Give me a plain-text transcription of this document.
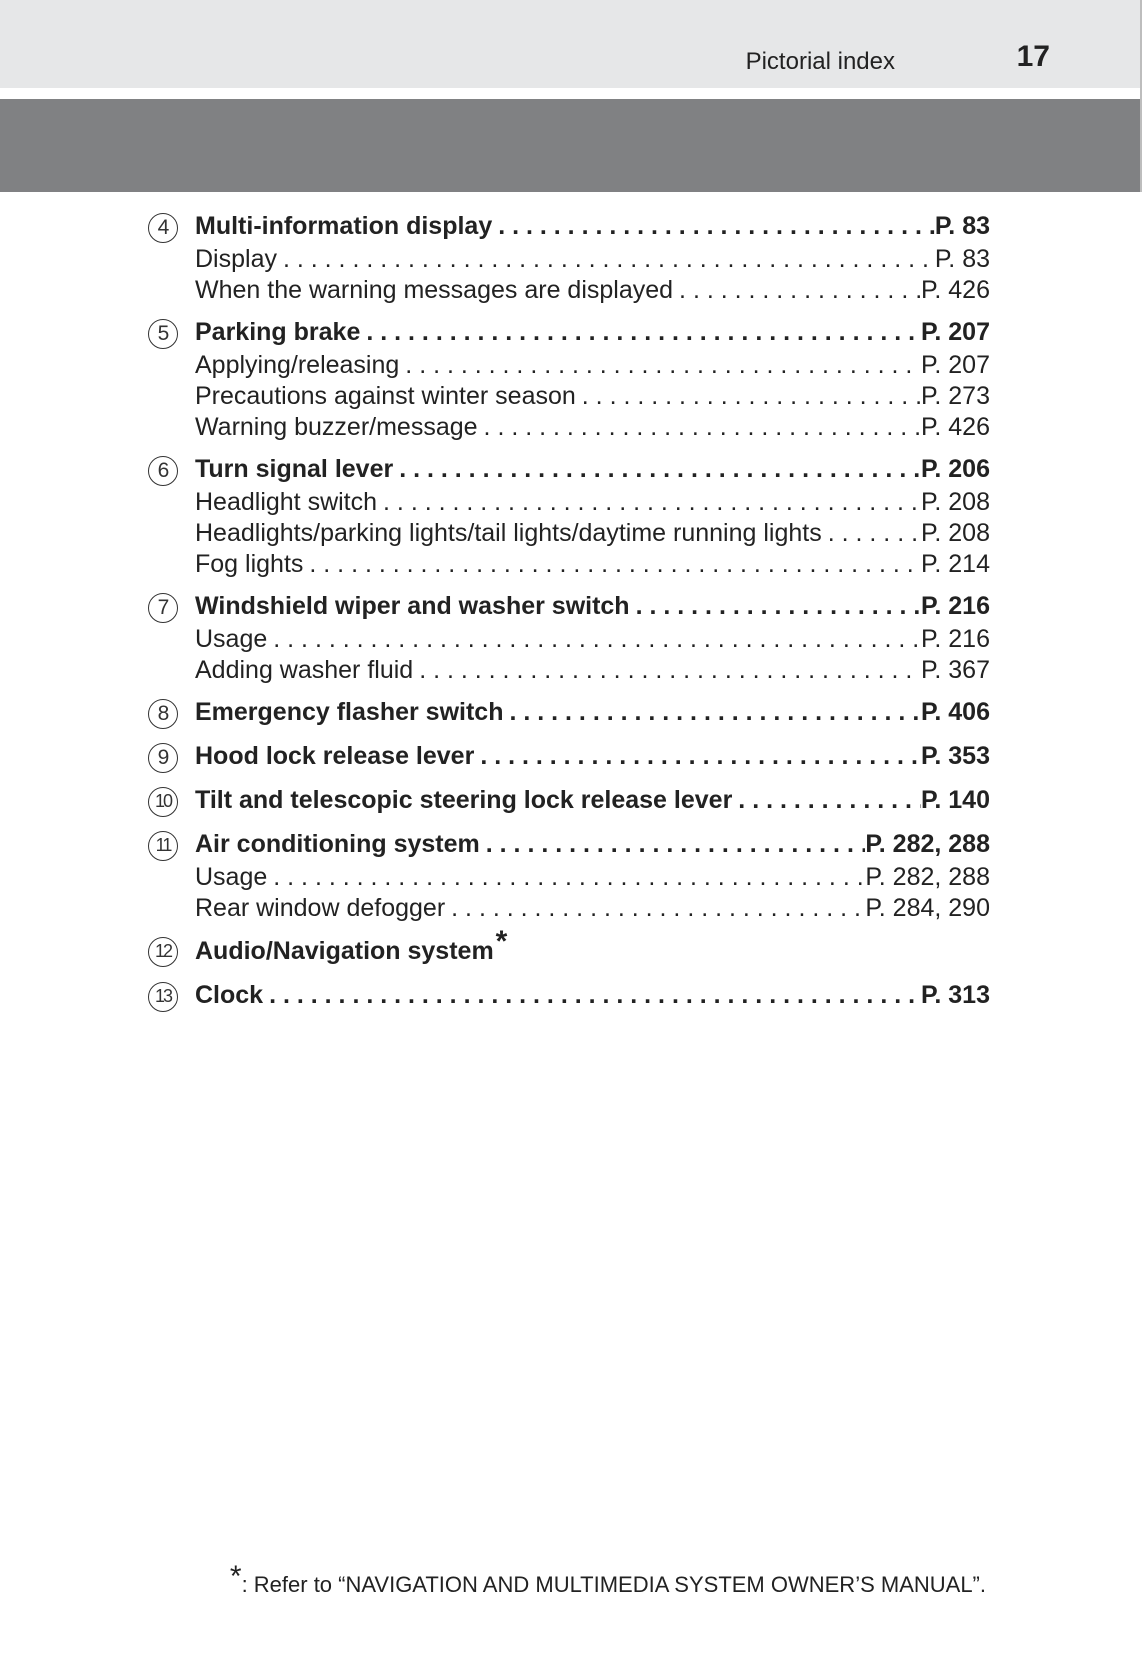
Pictorial index	17
4	Multi-information display . . .	P. 83
Display . . .	P. 83
When the warning messages are displayed . . .	P. 426
5	Parking brake . . .	P. 207
Applying/releasing . . .	P. 207
Precautions against winter season . . .	P. 273
Warning buzzer/message . . .	P. 426
6	Turn signal lever . . .	P. 206
Headlight switch . . .	P. 208
Headlights/parking lights/tail lights/daytime running lights . . .	P. 208
Fog lights . . .	P. 214
7	Windshield wiper and washer switch . . .	P. 216
Usage . . .	P. 216
Adding washer fluid . . .	P. 367
8	Emergency flasher switch . . .	P. 406
9	Hood lock release lever . . .	P. 353
10 Tilt and telescopic steering lock release lever . . .	P. 140
11 Air conditioning system . . .	P. 282, 288
Usage . . .	P. 282, 288
Rear window defogger . . .	P. 284, 290
12 Audio/Navigation system *
13 Clock . . .	P. 313
*: Refer to “NAVIGATION AND MULTIMEDIA SYSTEM OWNER’S MANUAL”.
